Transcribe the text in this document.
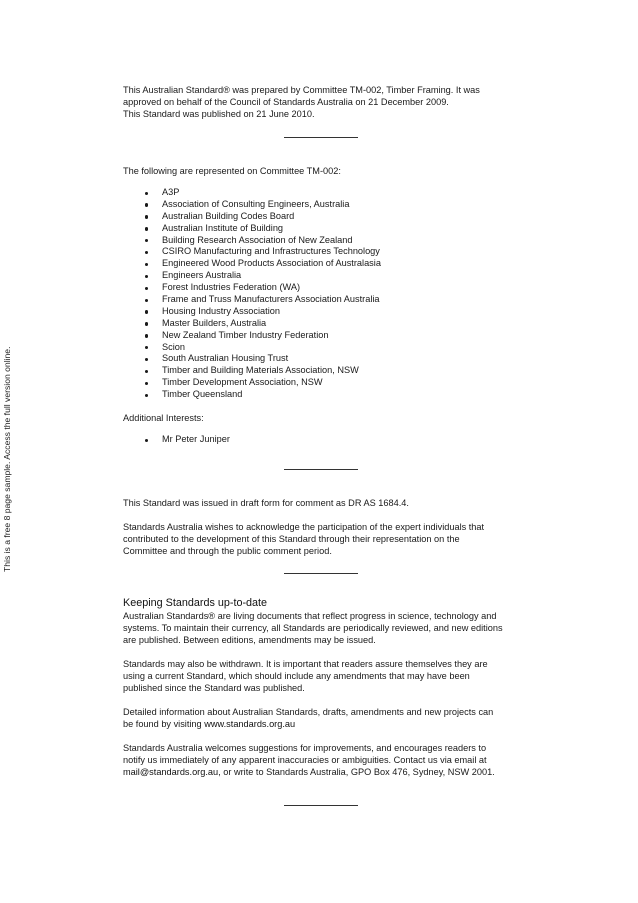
This is a free 8 page sample. Access the full version online.

This Australian Standard® was prepared by Committee TM-002, Timber Framing. It was
approved on behalf of the Council of Standards Australia on 21 December 2009.
This Standard was published on 21 June 2010.

The following are represented on Committee TM-002:

A3P
Association of Consulting Engineers, Australia
Australian Building Codes Board
Australian Institute of Building
Building Research Association of New Zealand
CSIRO Manufacturing and Infrastructures Technology
Engineered Wood Products Association of Australasia
Engineers Australia
Forest Industries Federation (WA)
Frame and Truss Manufacturers Association Australia
Housing Industry Association
Master Builders, Australia
New Zealand Timber Industry Federation
Scion
South Australian Housing Trust
Timber and Building Materials Association, NSW
Timber Development Association, NSW
Timber Queensland

Additional Interests:

Mr Peter Juniper

This Standard was issued in draft form for comment as DR AS 1684.4.

Standards Australia wishes to acknowledge the participation of the expert individuals that
contributed to the development of this Standard through their representation on the
Committee and through the public comment period.

Keeping Standards up-to-date

Australian Standards® are living documents that reflect progress in science, technology and
systems. To maintain their currency, all Standards are periodically reviewed, and new editions
are published. Between editions, amendments may be issued.

Standards may also be withdrawn. It is important that readers assure themselves they are
using a current Standard, which should include any amendments that may have been
published since the Standard was published.

Detailed information about Australian Standards, drafts, amendments and new projects can
be found by visiting www.standards.org.au

Standards Australia welcomes suggestions for improvements, and encourages readers to
notify us immediately of any apparent inaccuracies or ambiguities. Contact us via email at
mail@standards.org.au, or write to Standards Australia, GPO Box 476, Sydney, NSW 2001.
